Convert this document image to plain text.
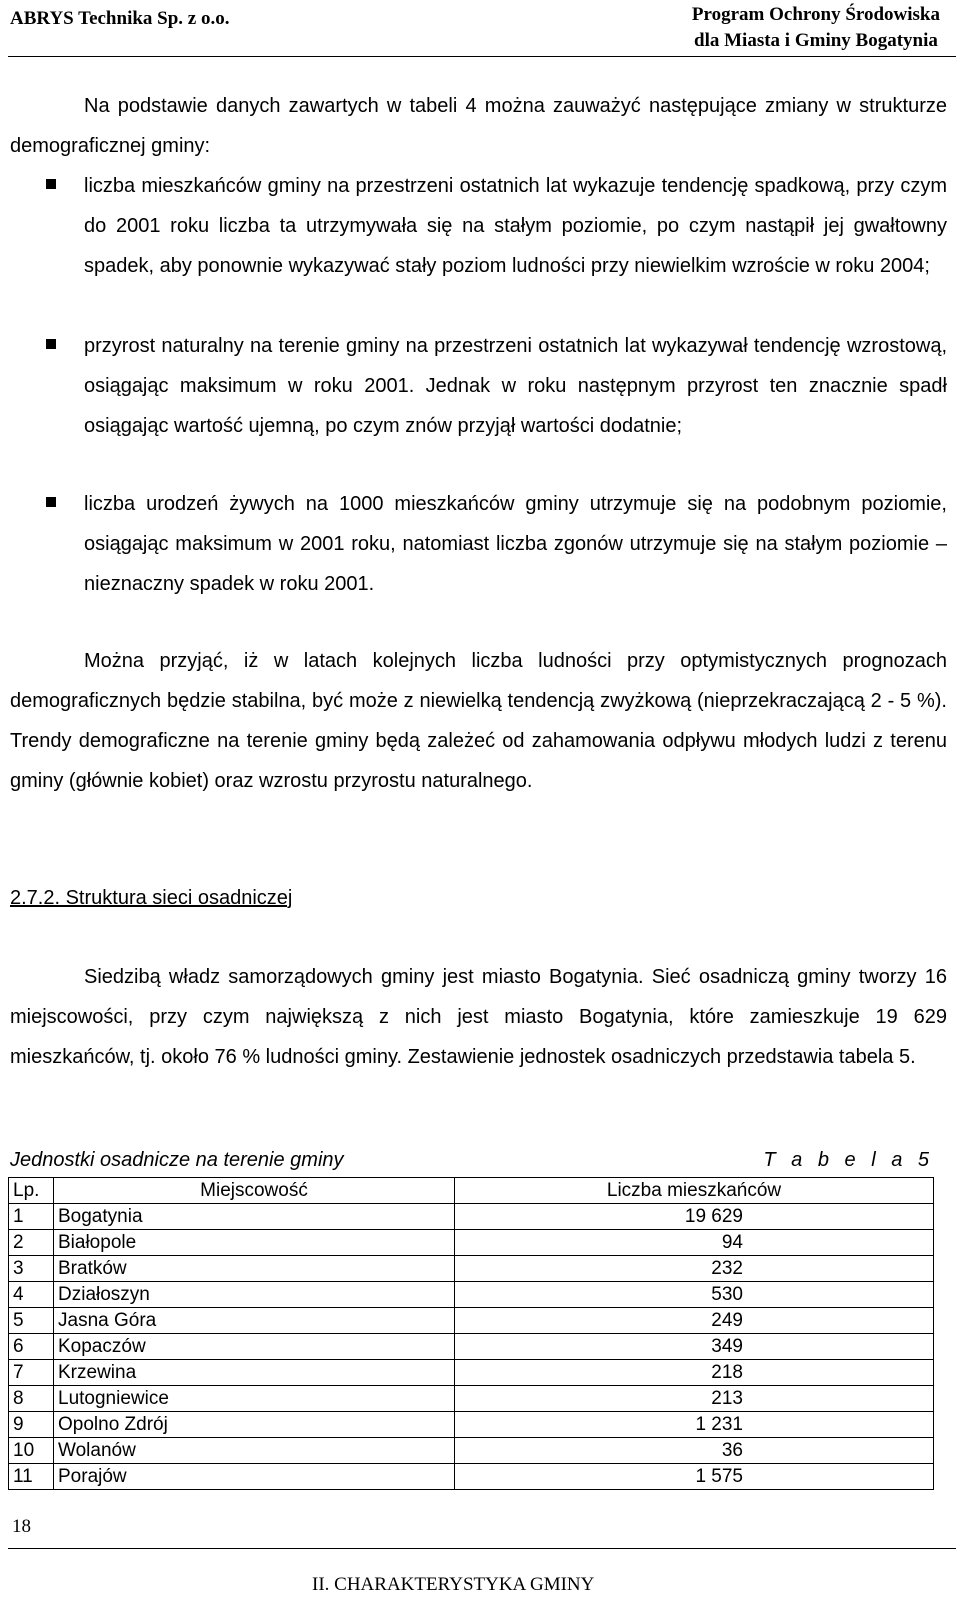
ABRYS Technika Sp. z o.o.	Program Ochrony Środowiska
dla Miasta i Gminy Bogatynia
Na podstawie danych zawartych w tabeli 4 można zauważyć następujące zmiany w strukturze demograficznej gminy:
liczba mieszkańców gminy na przestrzeni ostatnich lat wykazuje tendencję spadkową, przy czym do 2001 roku liczba ta utrzymywała się na stałym poziomie, po czym nastąpił jej gwałtowny spadek, aby ponownie wykazywać stały poziom ludności przy niewielkim wzroście w roku 2004;
przyrost naturalny na terenie gminy na przestrzeni ostatnich lat wykazywał tendencję wzrostową, osiągając maksimum w roku 2001. Jednak w roku następnym przyrost ten znacznie spadł osiągając wartość ujemną, po czym znów przyjął wartości dodatnie;
liczba urodzeń żywych na 1000 mieszkańców gminy utrzymuje się na podobnym poziomie, osiągając maksimum w 2001 roku, natomiast liczba zgonów utrzymuje się na stałym poziomie – nieznaczny spadek w roku 2001.
Można przyjąć, iż w latach kolejnych liczba ludności przy optymistycznych prognozach demograficznych będzie stabilna, być może z niewielką tendencją zwyżkową (nieprzekraczającą 2 - 5 %). Trendy demograficzne na terenie gminy będą zależeć od zahamowania odpływu młodych ludzi z terenu gminy (głównie kobiet) oraz wzrostu przyrostu naturalnego.
2.7.2. Struktura sieci osadniczej
Siedzibą władz samorządowych gminy jest miasto Bogatynia. Sieć osadniczą gminy tworzy 16 miejscowości, przy czym największą z nich jest miasto Bogatynia, które zamieszkuje 19 629 mieszkańców, tj. około 76 % ludności gminy. Zestawienie jednostek osadniczych przedstawia tabela 5.
Jednostki osadnicze na terenie gminy	T a b e l a 5
Lp.	Miejscowość	Liczba mieszkańców
1	Bogatynia	19 629
2	Białopole	94
3	Bratków	232
4	Działoszyn	530
5	Jasna Góra	249
6	Kopaczów	349
7	Krzewina	218
8	Lutogniewice	213
9	Opolno Zdrój	1 231
10	Wolanów	36
11	Porajów	1 575
18
II. CHARAKTERYSTYKA GMINY
